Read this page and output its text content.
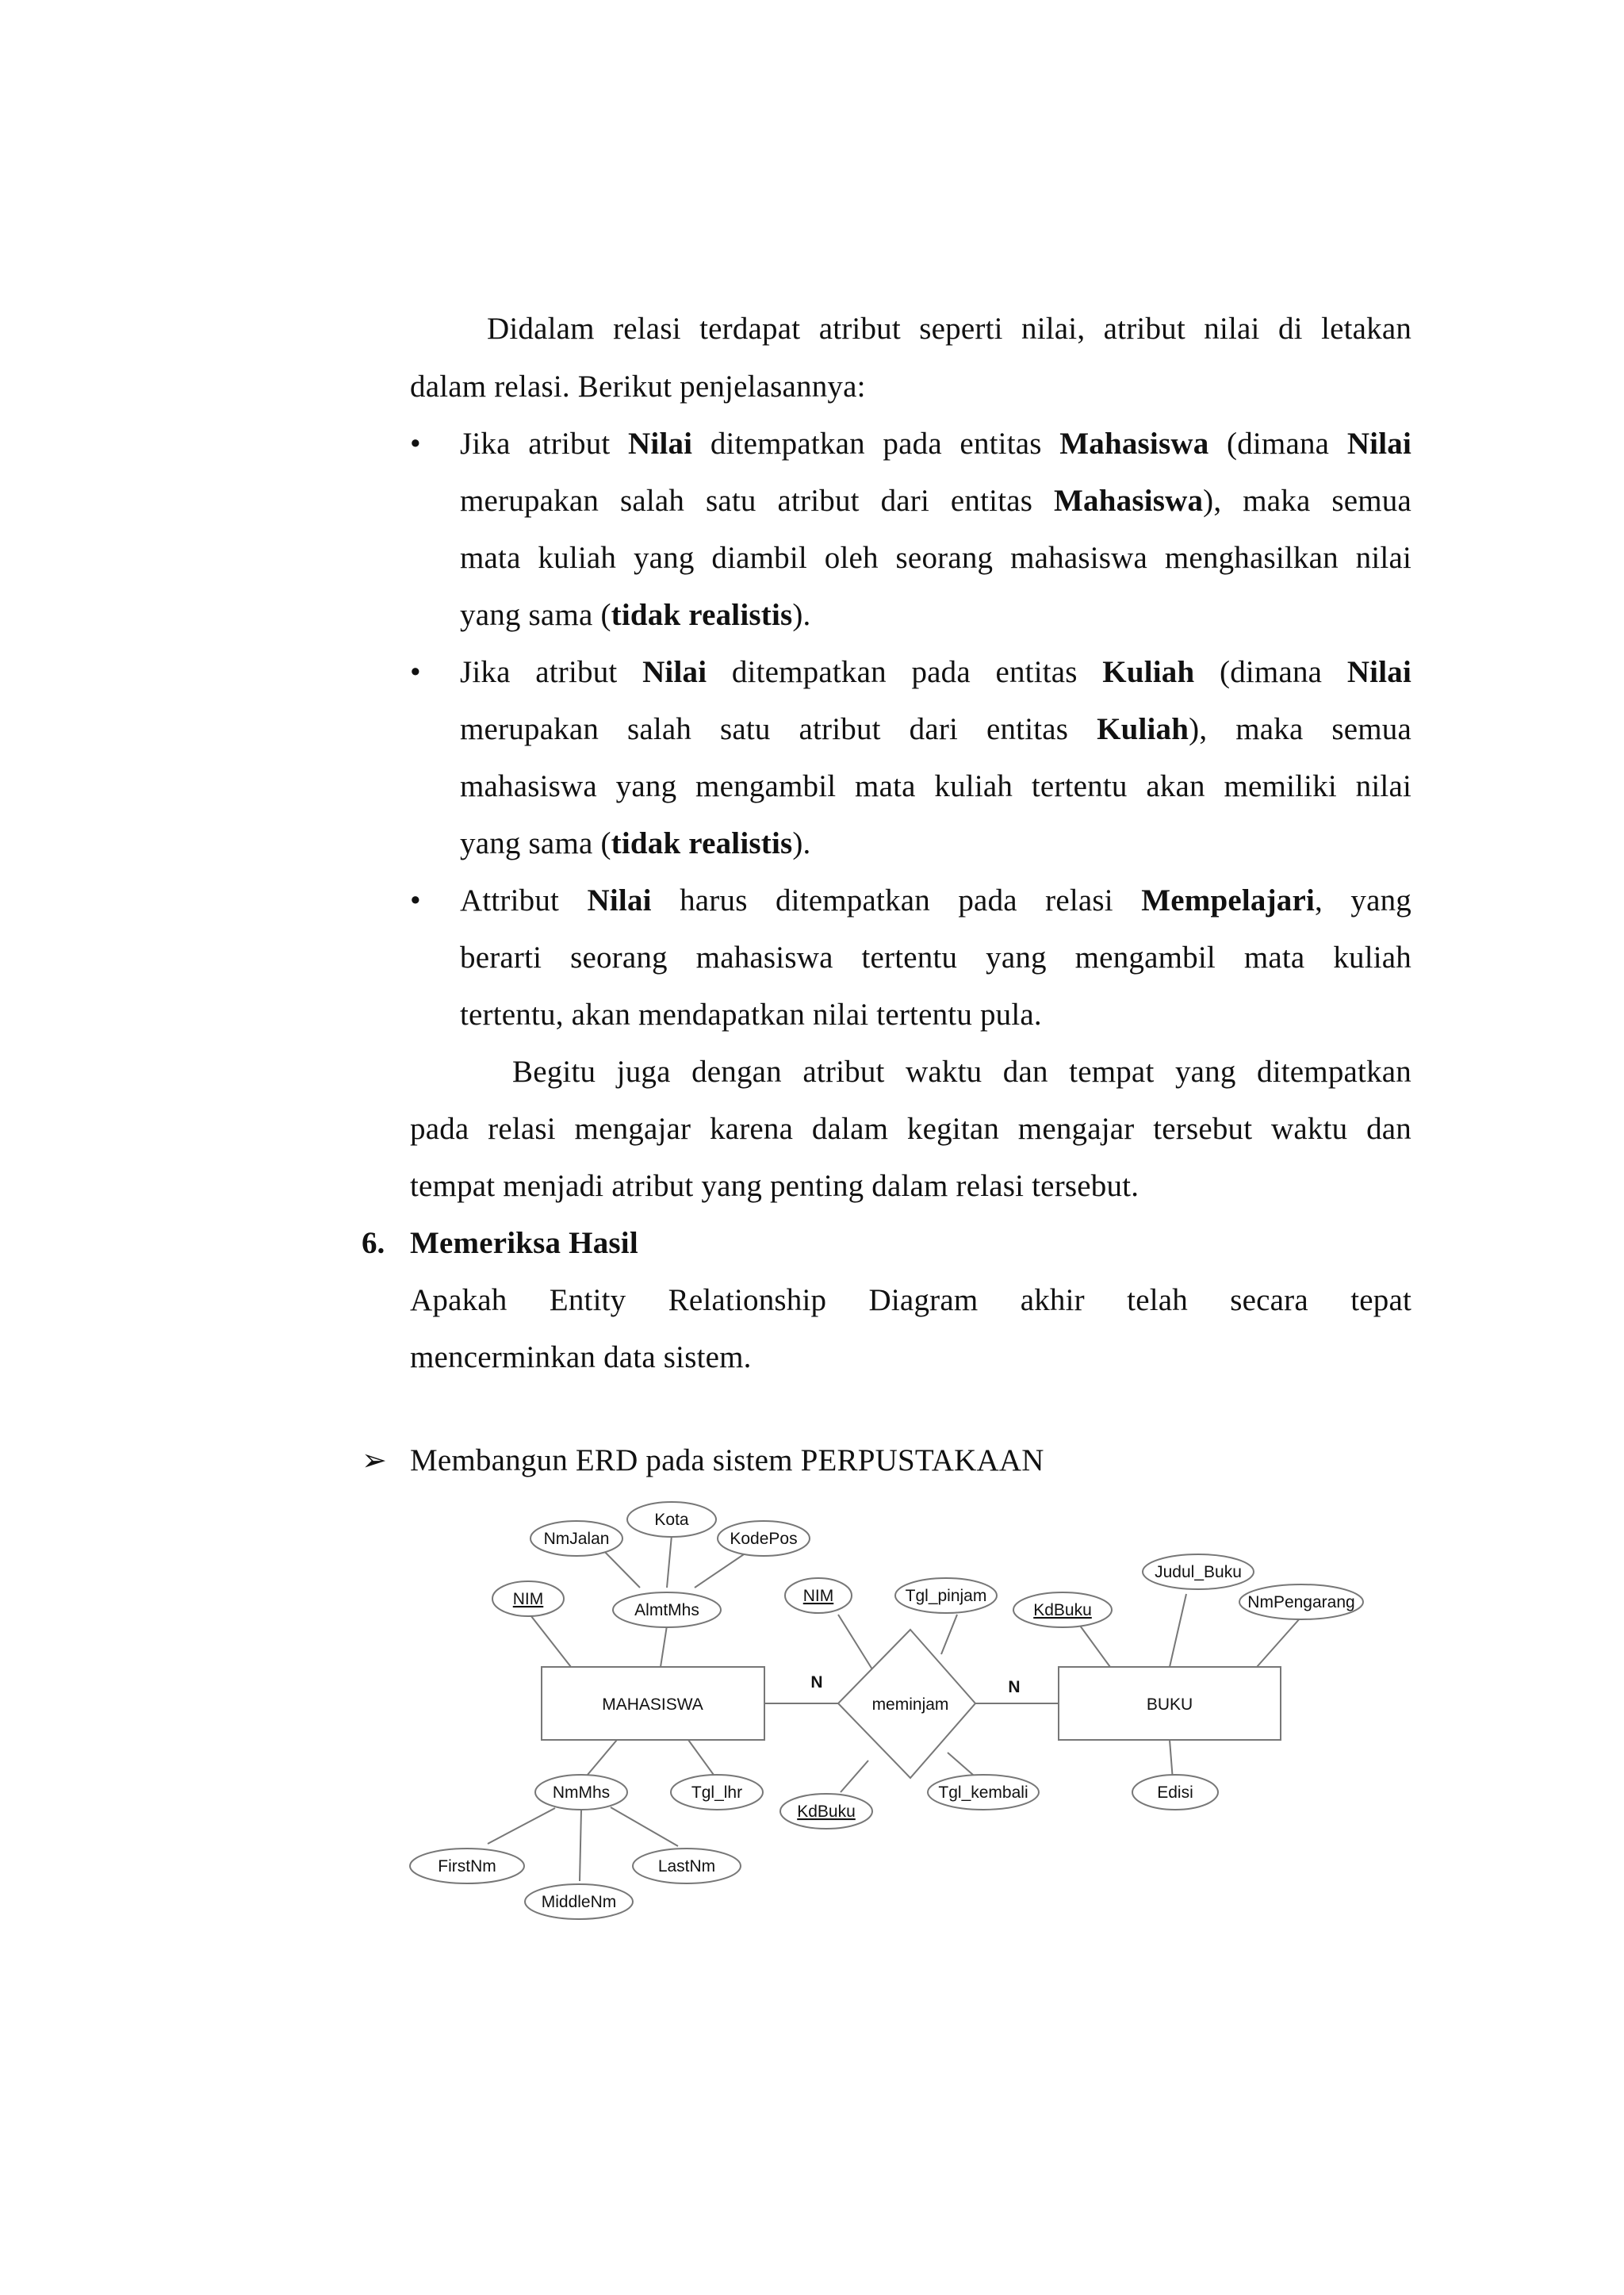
Didalam relasi terdapat atribut seperti nilai, atribut nilai di letakan
dalam relasi. Berikut penjelasannya:
• Jika atribut Nilai ditempatkan pada entitas Mahasiswa (dimana Nilai
merupakan salah satu atribut dari entitas Mahasiswa), maka semua
mata kuliah yang diambil oleh seorang mahasiswa menghasilkan nilai
yang sama (tidak realistis).
• Jika atribut Nilai ditempatkan pada entitas Kuliah (dimana Nilai
merupakan salah satu atribut dari entitas Kuliah), maka semua
mahasiswa yang mengambil mata kuliah tertentu akan memiliki nilai
yang sama (tidak realistis).
• Attribut Nilai harus ditempatkan pada relasi Mempelajari, yang
berarti seorang mahasiswa tertentu yang mengambil mata kuliah
tertentu, akan mendapatkan nilai tertentu pula.
Begitu juga dengan atribut waktu dan tempat yang ditempatkan
pada relasi mengajar karena dalam kegitan mengajar tersebut waktu dan
tempat menjadi atribut yang penting dalam relasi tersebut.
6. Memeriksa Hasil
Apakah Entity Relationship Diagram akhir telah secara tepat
mencerminkan data sistem.
➢ Membangun ERD pada sistem PERPUSTAKAAN
MAHASISWA	BUKU
meminjam
N	N
NmJalan
Kota
KodePos
NIM
AlmtMhs
NIM	Tgl_pinjam
KdBuku
Judul_Buku
NmPengarang
NmMhs	Tgl_lhr
KdBuku
Tgl_kembali	Edisi
FirstNm	LastNm
MiddleNm
